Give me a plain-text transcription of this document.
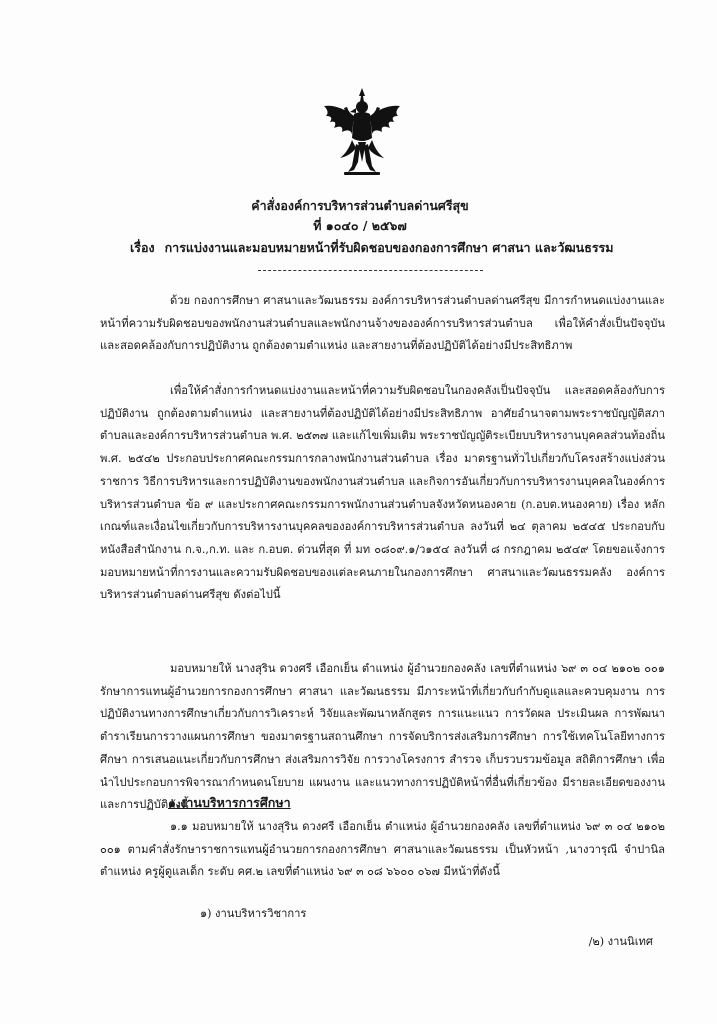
คำสั่งองค์การบริหารส่วนตำบลด่านศรีสุข
ที่ ๑๐๔๐ / ๒๕๖๗
เรื่อง การแบ่งงานและมอบหมายหน้าที่รับผิดชอบของกองการศึกษา ศาสนา และวัฒนธรรม

ด้วย กองการศึกษา ศาสนาและวัฒนธรรม องค์การบริหารส่วนตำบลด่านศรีสุข มีการกำหนดแบ่งงานและหน้าที่ความรับผิดชอบของพนักงานส่วนตำบลและพนักงานจ้างขององค์การบริหารส่วนตำบล เพื่อให้คำสั่งเป็นปัจจุบัน และสอดคล้องกับการปฏิบัติงาน ถูกต้องตามตำแหน่ง และสายงานที่ต้องปฏิบัติได้อย่างมีประสิทธิภาพ

เพื่อให้คำสั่งการกำหนดแบ่งงานและหน้าที่ความรับผิดชอบในกองคลังเป็นปัจจุบัน และสอดคล้องกับการปฏิบัติงาน ถูกต้องตามตำแหน่ง และสายงานที่ต้องปฏิบัติได้อย่างมีประสิทธิภาพ อาศัยอำนาจตามพระราชบัญญัติสภาตำบลและองค์การบริหารส่วนตำบล พ.ศ. ๒๕๓๗ และแก้ไขเพิ่มเติม พระราชบัญญัติระเบียบบริหารงานบุคคลส่วนท้องถิ่น พ.ศ. ๒๕๔๒ ประกอบประกาศคณะกรรมการกลางพนักงานส่วนตำบล เรื่อง มาตรฐานทั่วไปเกี่ยวกับโครงสร้างแบ่งส่วนราชการ วิธีการบริหารและการปฏิบัติงานของพนักงานส่วนตำบล และกิจการอันเกี่ยวกับการบริหารงานบุคคลในองค์การบริหารส่วนตำบล ข้อ ๙ และประกาศคณะกรรมการพนักงานส่วนตำบลจังหวัดหนองคาย (ก.อบต.หนองคาย) เรื่อง หลักเกณฑ์และเงื่อนไขเกี่ยวกับการบริหารงานบุคคลขององค์การบริหารส่วนตำบล ลงวันที่ ๒๔ ตุลาคม ๒๕๔๕ ประกอบกับหนังสือสำนักงาน ก.จ.,ก.ท. และ ก.อบต. ด่วนที่สุด ที่ มท ๐๘๐๙.๑/ว๑๕๔ ลงวันที่ ๘ กรกฎาคม ๒๕๔๙ โดยขอแจ้งการมอบหมายหน้าที่การงานและความรับผิดชอบของแต่ละคนภายในกองการศึกษา ศาสนาและวัฒนธรรมคลัง องค์การบริหารส่วนตำบลด่านศรีสุข ดังต่อไปนี้

มอบหมายให้ นางสุริน ดวงศรี เอือกเย็น ตำแหน่ง ผู้อำนวยกองคลัง เลขที่ตำแหน่ง ๖๙ ๓ ๐๔ ๒๑๐๒ ๐๐๑ รักษาการแทนผู้อำนวยการกองการศึกษา ศาสนา และวัฒนธรรม มีภาระหน้าที่เกี่ยวกับกำกับดูแลและควบคุมงาน การปฏิบัติงานทางการศึกษาเกี่ยวกับการวิเคราะห์ วิจัยและพัฒนาหลักสูตร การแนะแนว การวัดผล ประเมินผล การพัฒนา ตำราเรียนการวางแผนการศึกษา ของมาตรฐานสถานศึกษา การจัดบริการส่งเสริมการศึกษา การใช้เทคโนโลยีทางการศึกษา การเสนอแนะเกี่ยวกับการศึกษา ส่งเสริมการวิจัย การวางโครงการ สำรวจ เก็บรวบรวมข้อมูล สถิติการศึกษา เพื่อนำไปประกอบการพิจารณากำหนดนโยบาย แผนงาน และแนวทางการปฏิบัติหน้าที่อื่นที่เกี่ยวข้อง มีรายละเอียดของงานและการปฏิบัติดังนี้

๑.งานบริหารการศึกษา

๑.๑ มอบหมายให้ นางสุริน ดวงศรี เอือกเย็น ตำแหน่ง ผู้อำนวยกองคลัง เลขที่ตำแหน่ง ๖๙ ๓ ๐๔ ๒๑๐๒ ๐๐๑ ตามคำสั่งรักษาราชการแทนผู้อำนวยการกองการศึกษา ศาสนาและวัฒนธรรม เป็นหัวหน้า ,นางวารุณี จำปานิล ตำแหน่ง ครูผู้ดูแลเด็ก ระดับ คศ.๒ เลขที่ตำแหน่ง ๖๙ ๓ ๐๘ ๖๖๐๐ ๐๖๗ มีหน้าที่ดังนี้

๑) งานบริหารวิชาการ
/๒) งานนิเทศ
